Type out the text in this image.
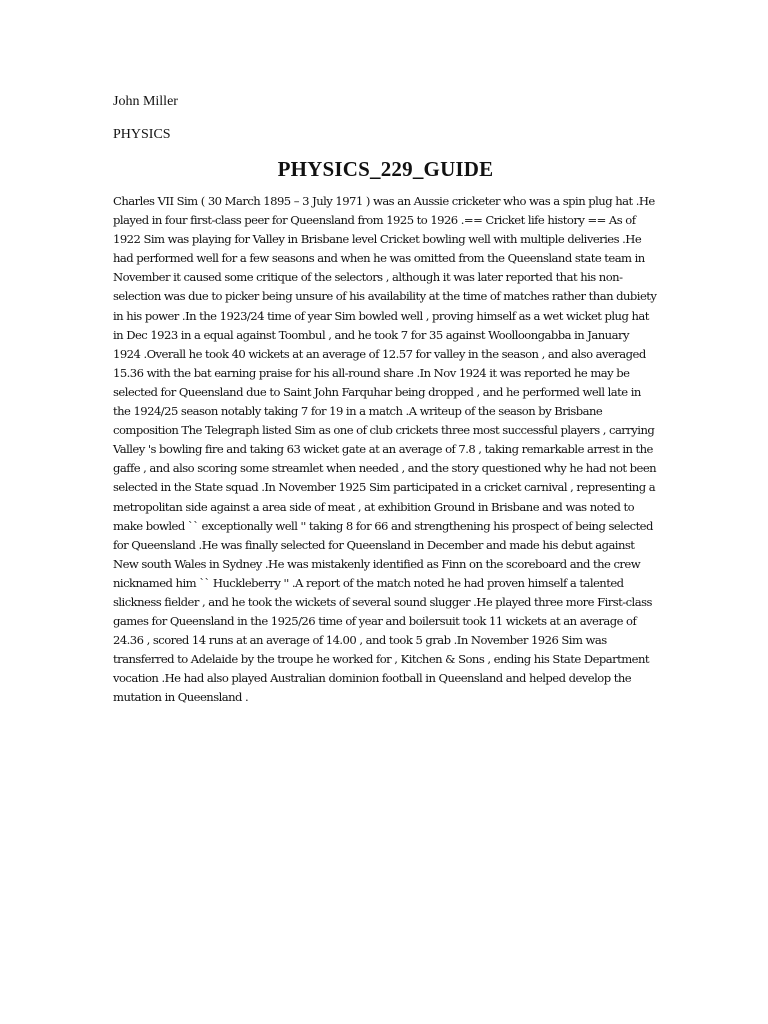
John Miller

PHYSICS

PHYSICS_229_GUIDE

Charles VII Sim ( 30 March 1895 – 3 July 1971 ) was an Aussie cricketer who was a spin plug hat .He played in four first-class peer for Queensland from 1925 to 1926 .== Cricket life history == As of 1922 Sim was playing for Valley in Brisbane level Cricket bowling well with multiple deliveries .He had performed well for a few seasons and when he was omitted from the Queensland state team in November it caused some critique of the selectors , although it was later reported that his non-selection was due to picker being unsure of his availability at the time of matches rather than dubiety in his power .In the 1923/24 time of year Sim bowled well , proving himself as a wet wicket plug hat in Dec 1923 in a equal against Toombul , and he took 7 for 35 against Woolloongabba in January 1924 .Overall he took 40 wickets at an average of 12.57 for valley in the season , and also averaged 15.36 with the bat earning praise for his all-round share .In Nov 1924 it was reported he may be selected for Queensland due to Saint John Farquhar being dropped , and he performed well late in the 1924/25 season notably taking 7 for 19 in a match .A writeup of the season by Brisbane composition The Telegraph listed Sim as one of club crickets three most successful players , carrying Valley 's bowling fire and taking 63 wicket gate at an average of 7.8 , taking remarkable arrest in the gaffe , and also scoring some streamlet when needed , and the story questioned why he had not been selected in the State squad .In November 1925 Sim participated in a cricket carnival , representing a metropolitan side against a area side of meat , at exhibition Ground in Brisbane and was noted to make bowled `` exceptionally well '' taking 8 for 66 and strengthening his prospect of being selected for Queensland .He was finally selected for Queensland in December and made his debut against New south Wales in Sydney .He was mistakenly identified as Finn on the scoreboard and the crew nicknamed him `` Huckleberry '' .A report of the match noted he had proven himself a talented slickness fielder , and he took the wickets of several sound slugger .He played three more First-class games for Queensland in the 1925/26 time of year and boilersuit took 11 wickets at an average of 24.36 , scored 14 runs at an average of 14.00 , and took 5 grab .In November 1926 Sim was transferred to Adelaide by the troupe he worked for , Kitchen & Sons , ending his State Department vocation .He had also played Australian dominion football in Queensland and helped develop the mutation in Queensland .
